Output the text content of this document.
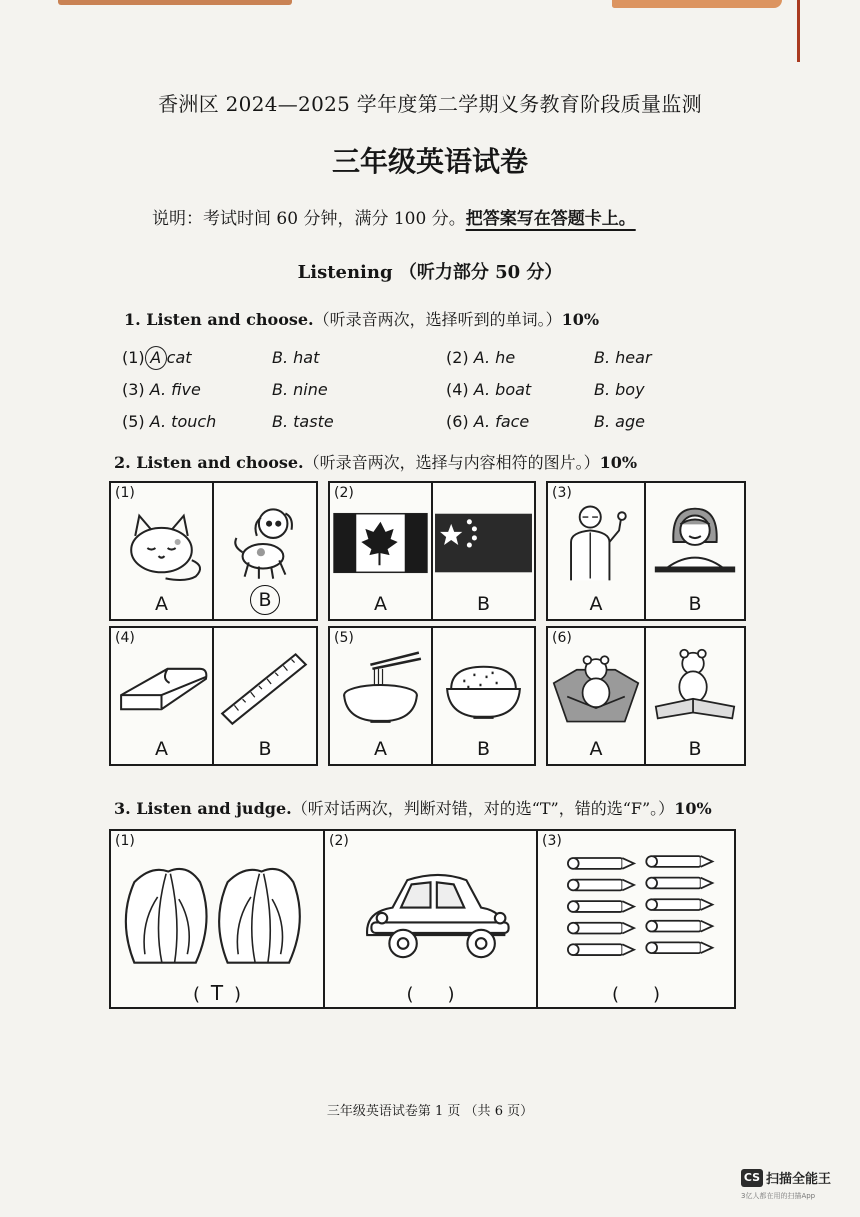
香洲区 2024—2025 学年度第二学期义务教育阶段质量监测
三年级英语试卷
说明：考试时间 60 分钟，满分 100 分。把答案写在答题卡上。
Listening （听力部分 50 分）
1. Listen and choose.（听录音两次，选择听到的单词。）10%
(1) A cat	B. hat	(2) A. he	B. hear
(3) A. five	B. nine	(4) A. boat	B. boy
(5) A. touch	B. taste	(6) A. face	B. age
2. Listen and choose.（听录音两次，选择与内容相符的图片。）10%
(1)
A	B
(2)
A	B
(3)
A	B
(4)
A	B
(5)
A	B
(6)
A	B
3. Listen and judge.（听对话两次，判断对错，对的选“T”，错的选“F”。）10%
(1)
( T )
(2)
( )
(3)
( )
三年级英语试卷第 1 页 （共 6 页）
CS 扫描全能王
3亿人都在用的扫描App
